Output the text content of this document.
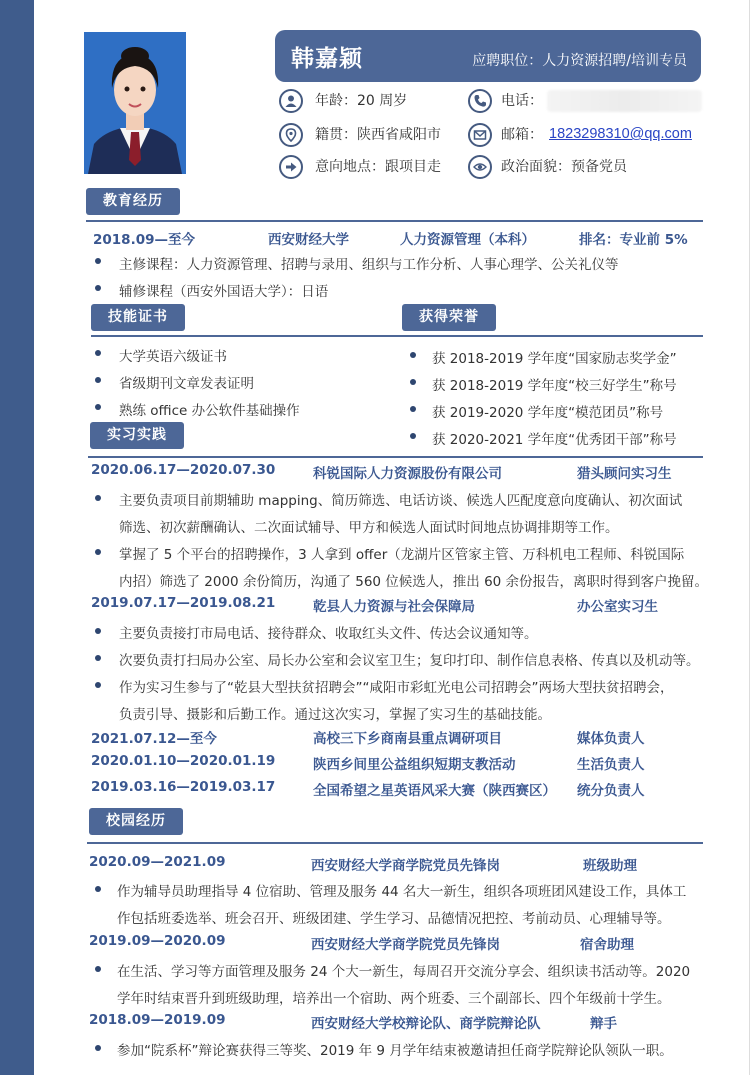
韩嘉颖	应聘职位：人力资源招聘/培训专员
年龄：20 周岁	电话：
籍贯：陕西省咸阳市	邮箱： 1823298310@qq.com
意向地点：跟项目走	政治面貌：预备党员
教育经历
2018.09—至今	西安财经大学	人力资源管理（本科）	排名：专业前 5%
主修课程：人力资源管理、招聘与录用、组织与工作分析、人事心理学、公关礼仪等
辅修课程（西安外国语大学）：日语
技能证书	获得荣誉
大学英语六级证书
省级期刊文章发表证明
熟练 office 办公软件基础操作
获 2018-2019 学年度“国家励志奖学金”
获 2018-2019 学年度“校三好学生”称号
获 2019-2020 学年度“模范团员”称号
获 2020-2021 学年度“优秀团干部”称号
实习实践
2020.06.17—2020.07.30	科锐国际人力资源股份有限公司	猎头顾问实习生
主要负责项目前期辅助 mapping、简历筛选、电话访谈、候选人匹配度意向度确认、初次面试
筛选、初次薪酬确认、二次面试辅导、甲方和候选人面试时间地点协调排期等工作。
掌握了 5 个平台的招聘操作，3 人拿到 offer（龙湖片区管家主管、万科机电工程师、科锐国际
内招）筛选了 2000 余份简历，沟通了 560 位候选人，推出 60 余份报告，离职时得到客户挽留。
2019.07.17—2019.08.21	乾县人力资源与社会保障局	办公室实习生
主要负责接打市局电话、接待群众、收取红头文件、传达会议通知等。
次要负责打扫局办公室、局长办公室和会议室卫生；复印打印、制作信息表格、传真以及机动等。
作为实习生参与了“乾县大型扶贫招聘会”“咸阳市彩虹光电公司招聘会”两场大型扶贫招聘会，
负责引导、摄影和后勤工作。通过这次实习，掌握了实习生的基础技能。
2021.07.12—至今	高校三下乡商南县重点调研项目	媒体负责人
2020.01.10—2020.01.19	陕西乡间里公益组织短期支教活动	生活负责人
2019.03.16—2019.03.17	全国希望之星英语风采大赛（陕西赛区） 统分负责人
校园经历
2020.09—2021.09	西安财经大学商学院党员先锋岗	班级助理
作为辅导员助理指导 4 位宿助、管理及服务 44 名大一新生，组织各项班团风建设工作，具体工
作包括班委选举、班会召开、班级团建、学生学习、品德情况把控、考前动员、心理辅导等。
2019.09—2020.09	西安财经大学商学院党员先锋岗	宿舍助理
在生活、学习等方面管理及服务 24 个大一新生，每周召开交流分享会、组织读书活动等。2020
学年时结束晋升到班级助理，培养出一个宿助、两个班委、三个副部长、四个年级前十学生。
2018.09—2019.09	西安财经大学校辩论队、商学院辩论队	辩手
参加“院系杯”辩论赛获得三等奖、2019 年 9 月学年结束被邀请担任商学院辩论队领队一职。
